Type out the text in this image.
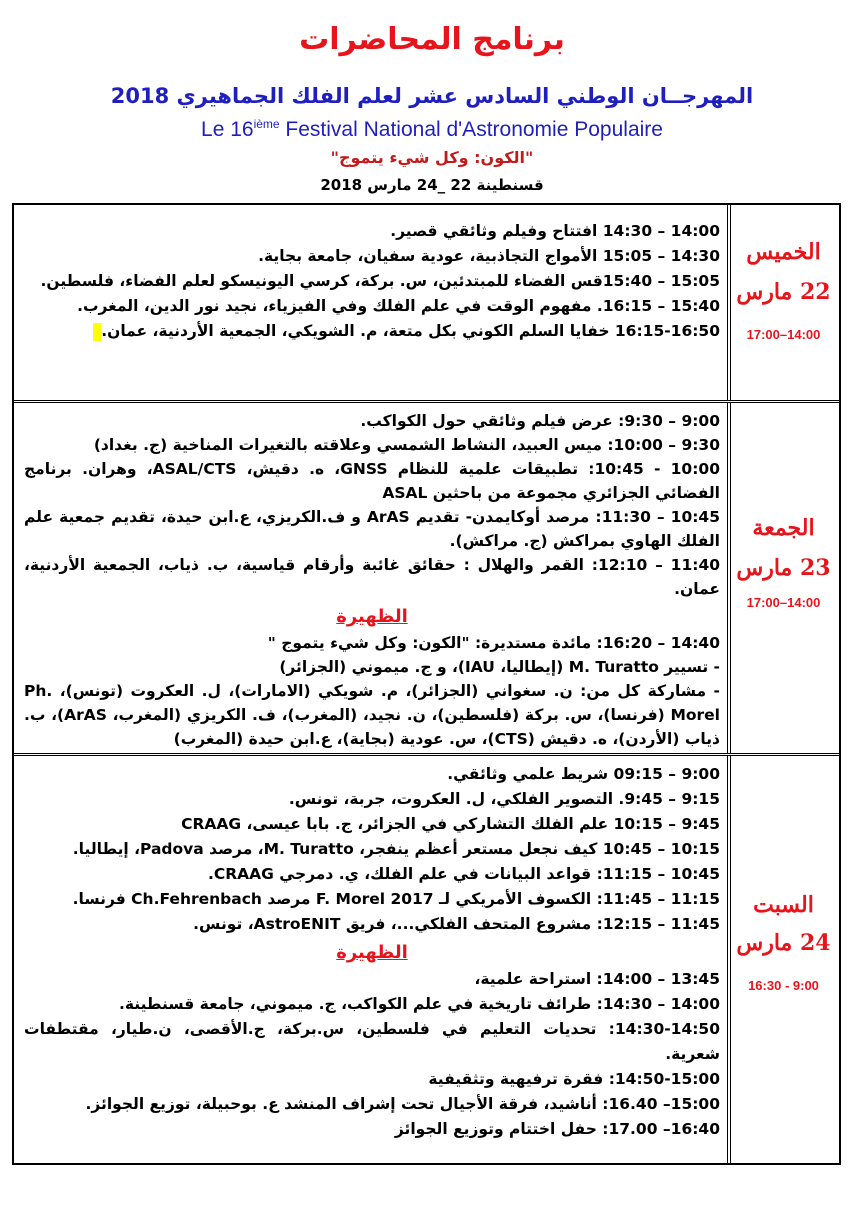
برنامج المحاضرات
المهرجــان الوطني السادس عشر لعلم الفلك الجماهيري 2018
Le 16ième Festival National d'Astronomie Populaire
"الكون: وكل شيء يتموج"
قسنطينة 22 _24 مارس 2018
14:00 – 14:30 افتتاح وفيلم وثائقي قصير.
14:30 – 15:05 الأمواج التجاذبية، عودية سفيان، جامعة بجاية.
15:05 – 15:40قس الفضاء للمبتدئين، س. بركة، كرسي اليونيسكو لعلم الفضاء، فلسطين.
15:40 – 16:15. مفهوم الوقت في علم الفلك وفي الفيزياء، نجيد نور الدين، المغرب.
16:15-16:50 خفايا السلم الكوني بكل متعة، م. الشويكي، الجمعية الأردنية، عمان.
الخميس
22 مارس
17:00–14:00
9:00 – 9:30: عرض فيلم وثائقي حول الكواكب.
9:30 – 10:00: ميس العبيد، النشاط الشمسي وعلاقته بالتغيرات المناخية (ج. بغداد)
10:00 - 10:45: تطبيقات علمية للنظام GNSS، ه. دقيش، ASAL/CTS، وهران. برنامج الفضائي الجزائري مجموعة من باحثين ASAL
10:45 – 11:30: مرصد أوكايمدن- تقديم ArAS و ف.الكريزي، ع.ابن حيدة، تقديم جمعية علم الفلك الهاوي بمراكش (ج. مراكش).
11:40 – 12:10: القمر والهلال : حقائق غائبة وأرقام قياسية، ب. ذياب، الجمعية الأردنية، عمان.
الظهيرة
14:40 – 16:20: مائدة مستديرة: "الكون: وكل شيء يتموج "
- تسيير M. Turatto (إيطاليا، IAU)، و ج. ميموني (الجزائر)
- مشاركة كل من: ن. سغواني (الجزائر)، م. شويكي (الامارات)، ل. العكروت (تونس)، Ph. Morel (فرنسا)، س. بركة (فلسطين)، ن. نجيد، (المغرب)، ف. الكريزي (المغرب، ArAS)، ب. ذياب (الأردن)، ه. دقيش (CTS)، س. عودية (بجاية)، ع.ابن حيدة (المغرب)
الجمعة
23 مارس
17:00–14:00
9:00 – 09:15 شريط علمي وثائقي.
9:15 – 9:45. التصوير الفلكي، ل. العكروت، جربة، تونس.
9:45 – 10:15 علم الفلك التشاركي في الجزائر، ج. بابا عيسى، CRAAG
10:15 – 10:45 كيف نجعل مستعر أعظم ينفجر، M. Turatto، مرصد Padova، إيطاليا.
10:45 – 11:15: قواعد البيانات في علم الفلك، ي. دمرجي CRAAG.
11:15 – 11:45: الكسوف الأمريكي لـ F. Morel 2017 مرصد Ch.Fehrenbach فرنسا.
11:45 – 12:15: مشروع المتحف الفلكي...، فريق AstroENIT، تونس.
الظهيرة
13:45 – 14:00: استراحة علمية،
14:00 – 14:30: طرائف تاريخية في علم الكواكب، ج. ميموني، جامعة قسنطينة.
14:30-14:50: تحديات التعليم في فلسطين، س.بركة، ج.الأقصى، ن.طيار، مقتطفات شعرية.
14:50-15:00: فقرة ترفيهية وتثقيفية
15:00– 16.40: أناشيد، فرقة الأجيال تحت إشراف المنشد ع. بوحبيلة، توزيع الجوائز.
16:40– 17.00: حفل اختتام وتوزيع الجوائز
السبت
24 مارس
16:30 - 9:00
